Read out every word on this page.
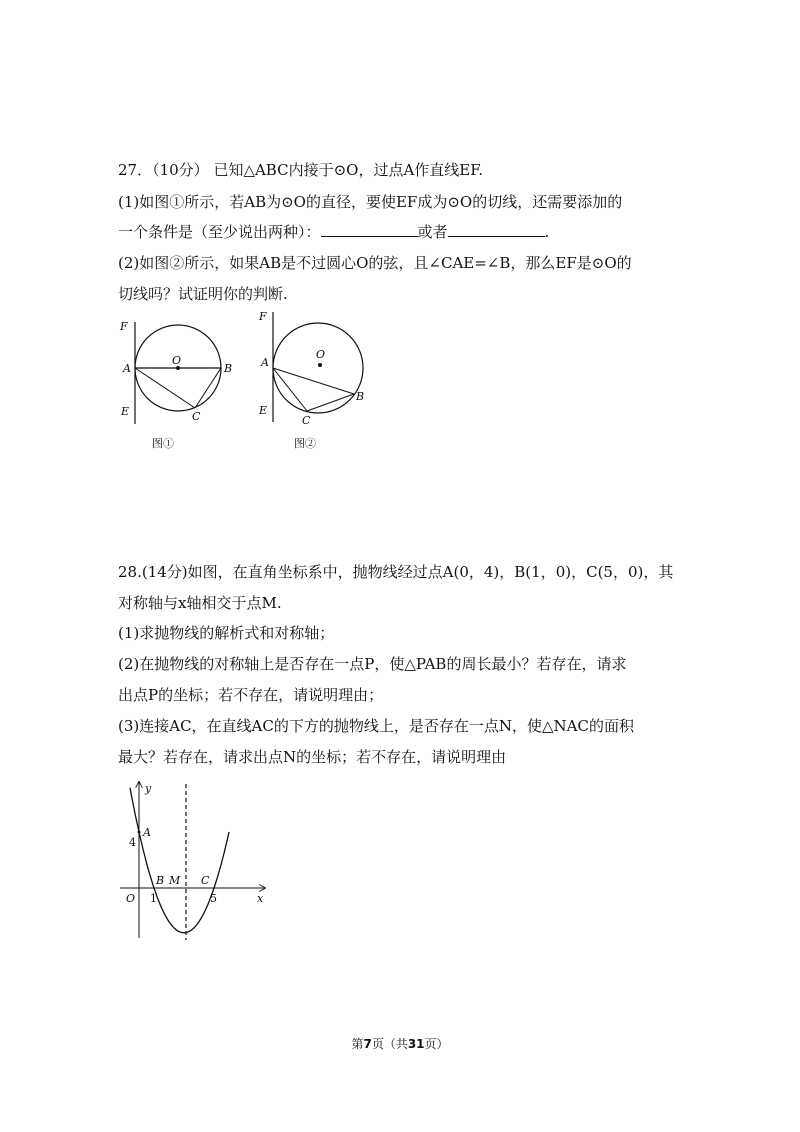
27．（10分） 已知△ABC内接于⊙O，过点A作直线EF.
(1)如图①所示，若AB为⊙O的直径，要使EF成为⊙O的切线，还需要添加的
一个条件是（至少说出两种）：	或者	.
(2)如图②所示，如果AB是不过圆心O的弦，且∠CAE=∠B，那么EF是⊙O的
切线吗？试证明你的判断.
F
A
E
O
B
C
图①
F
A
E
O
B
C
图②
28.(14分)如图，在直角坐标系中，抛物线经过点A(0，4)，B(1，0)，C(5，0)，其
对称轴与x轴相交于点M.
(1)求抛物线的解析式和对称轴；
(2)在抛物线的对称轴上是否存在一点P，使△PAB的周长最小？若存在，请求
出点P的坐标；若不存在，请说明理由；
(3)连接AC，在直线AC的下方的抛物线上，是否存在一点N，使△NAC的面积
最大？若存在，请求出点N的坐标；若不存在，请说明理由
y
A
4
B M C
O 1	5	x
第7页（共31页）
